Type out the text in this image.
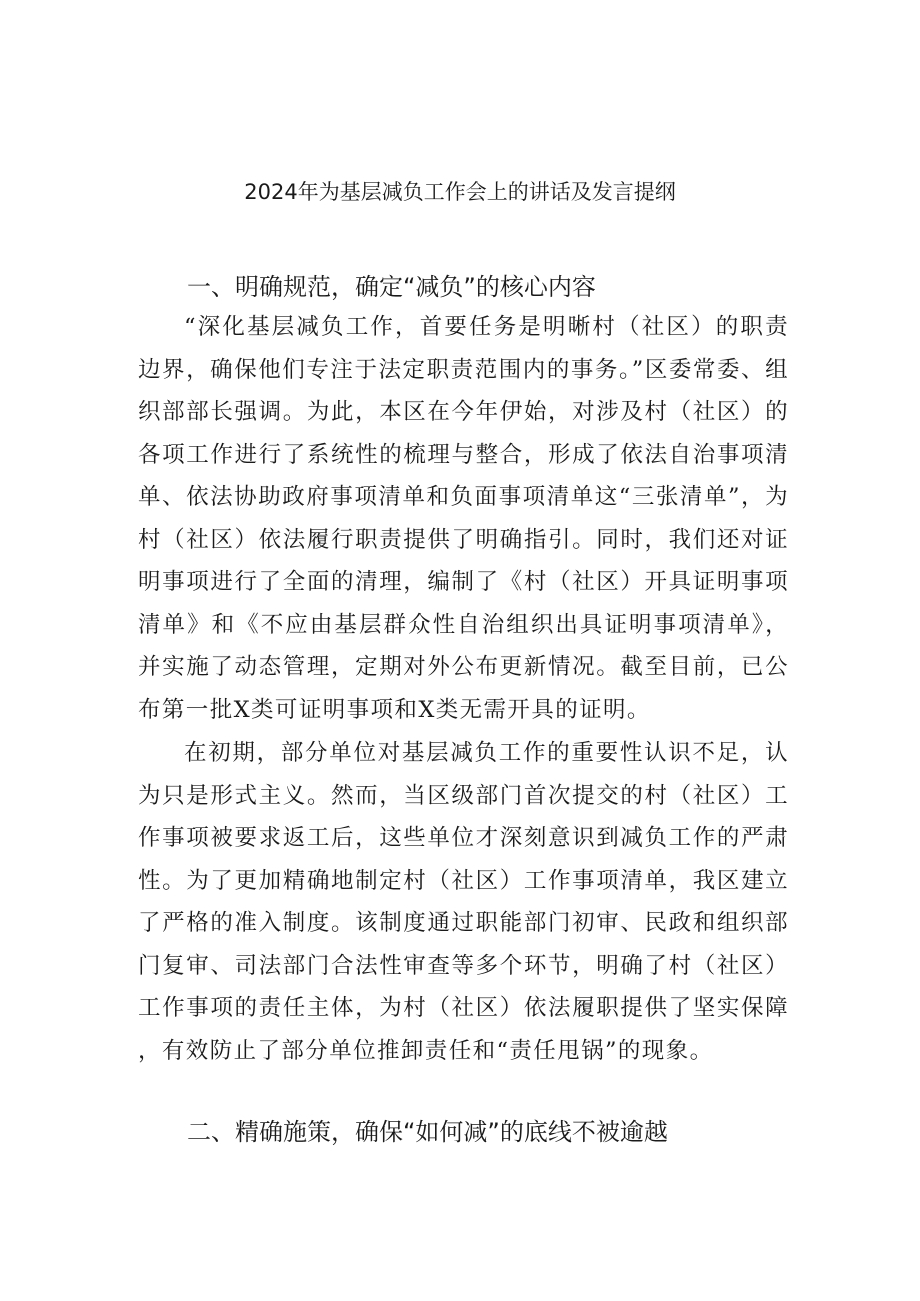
2024年为基层减负工作会上的讲话及发言提纲
一、明确规范，确定“减负”的核心内容

“深化基层减负工作，首要任务是明晰村（社区）的职责边界，确保他们专注于法定职责范围内的事务。”区委常委、组织部部长强调。为此，本区在今年伊始，对涉及村（社区）的各项工作进行了系统性的梳理与整合，形成了依法自治事项清单、依法协助政府事项清单和负面事项清单这“三张清单”，为村（社区）依法履行职责提供了明确指引。同时，我们还对证明事项进行了全面的清理，编制了《村（社区）开具证明事项清单》和《不应由基层群众性自治组织出具证明事项清单》，并实施了动态管理，定期对外公布更新情况。截至目前，已公布第一批X类可证明事项和X类无需开具的证明。

在初期，部分单位对基层减负工作的重要性认识不足，认为只是形式主义。然而，当区级部门首次提交的村（社区）工作事项被要求返工后，这些单位才深刻意识到减负工作的严肃性。为了更加精确地制定村（社区）工作事项清单，我区建立了严格的准入制度。该制度通过职能部门初审、民政和组织部门复审、司法部门合法性审查等多个环节，明确了村（社区）工作事项的责任主体，为村（社区）依法履职提供了坚实保障，有效防止了部分单位推卸责任和“责任甩锅”的现象。

二、精确施策，确保“如何减”的底线不被逾越
